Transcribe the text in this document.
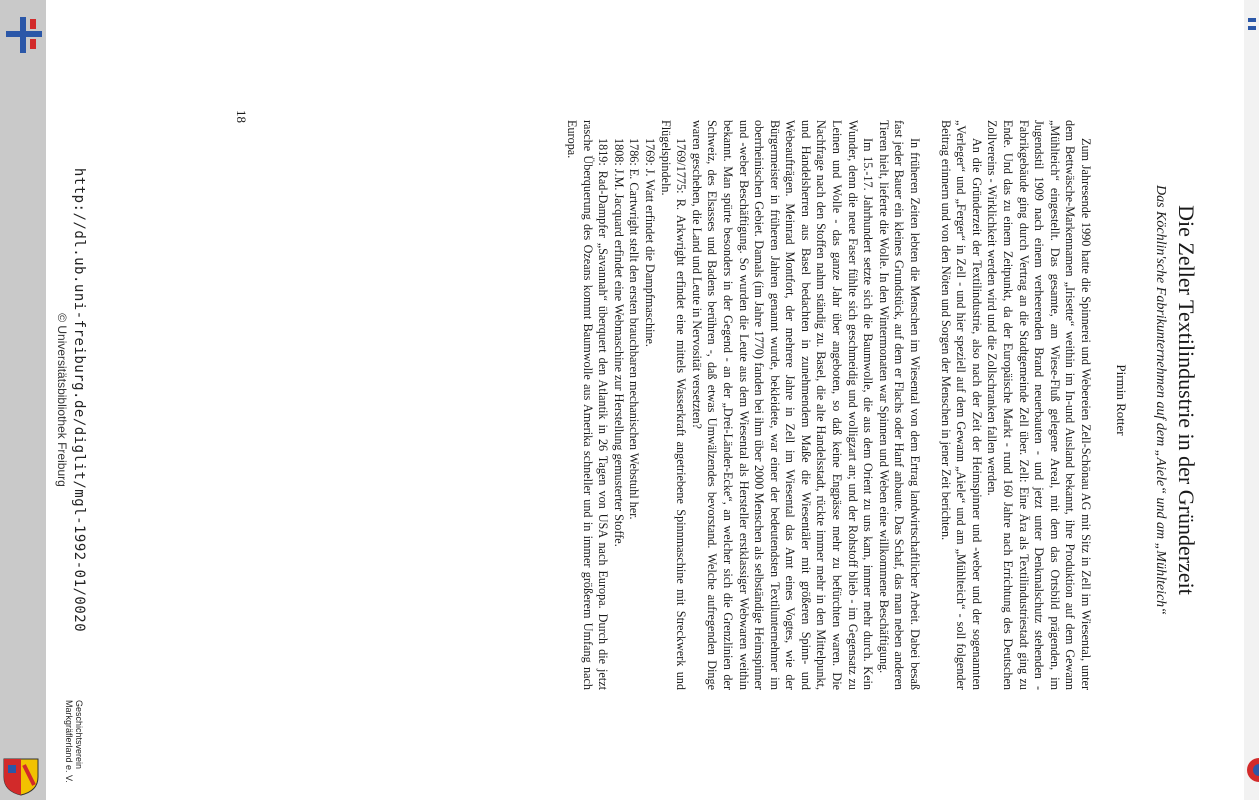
Die Zeller Textilindustrie in der Gründerzeit
Das Köchlin'sche Fabrikunternehmen auf dem „Aiele“ und am „Mühlteich“
Pirmin Rotter

Zum Jahresende 1990 hatte die Spinnerei und Webereien Zell-Schönau AG mit Sitz in Zell im Wiesental, unter dem Bettwäsche-Markennamen „Irisette“ weithin im In-und Ausland bekannt, ihre Produktion auf dem Gewann „Mühlteich“ eingestellt. Das gesamte, am Wiese-Fluß gelegene Areal, mit dem das Ortsbild prägenden, im Jugendstil 1909 nach einem verheerenden Brand neuerbauten - und jetzt unter Denkmalschutz stehenden - Fabrikgebäude ging durch Vertrag an die Stadtgemeinde Zell über. Zell: Eine Ära als Textilindustriestadt ging zu Ende. Und das zu einem Zeitpunkt, da der Europäische Markt - rund 160 Jahre nach Errichtung des Deutschen Zollvereins - Wirklichkeit werden wird und die Zollschranken fallen werden.

An die Gründerzeit der Textilindustrie, also nach der Zeit der Heimspinner und -weber und der sogenannten „Verleger“ und „Ferger“ in Zell - und hier speziell auf dem Gewann „Aiele“ und am „Mühlteich“ - soll folgender Beitrag erinnern und von den Nöten und Sorgen der Menschen in jener Zeit berichten.

In früheren Zeiten lebten die Menschen im Wiesental von dem Ertrag landwirtschaftlicher Arbeit. Dabei besaß fast jeder Bauer ein kleines Grundstück, auf dem er Flachs oder Hanf anbaute. Das Schaf, das man neben anderen Tieren hielt, lieferte die Wolle. In den Wintermonaten war Spinnen und Weben eine willkommene Beschäftigung.

Im 15.-17. Jahrhundert setzte sich die Baumwolle, die aus dem Orient zu uns kam, immer mehr durch. Kein Wunder, denn die neue Faser fühlte sich geschmeidig und wolligzart an; und der Rohstoff blieb - im Gegensatz zu Leinen und Wolle - das ganze Jahr über angeboten, so daß keine Engpässe mehr zu befürchten waren. Die Nachfrage nach den Stoffen nahm ständig zu. Basel, die alte Handelsstadt, rückte immer mehr in den Mittelpunkt, und Handelsherren aus Basel bedachten in zunehmendem Maße die Wiesentäler mit größeren Spinn- und Webeaufträgen. Meinrad Montfort, der mehrere Jahre in Zell im Wiesental das Amt eines Vogtes, wie der Bürgermeister in früheren Jahren genannt wurde, bekleidete, war einer der bedeutendsten Textilunternehmer im oberrheinischen Gebiet. Damals (im Jahre 1770) fanden bei ihm über 2000 Menschen als selbständige Heimspinner und -weber Beschäftigung. So wurden die Leute aus dem Wiesental als Hersteller erstklassiger Webwaren weithin bekannt. Man spürte besonders in der Gegend - an der „Drei-Länder-Ecke“, an welcher sich die Grenzlinien der Schweiz, des Elsasses und Badens berühren -, daß etwas Umwälzendes bevorstand. Welche aufregenden Dinge waren geschehen, die Land und Leute in Nervosität versetzten?

1769/1775: R. Arkwright erfindet eine mittels Wasserkraft angetriebene Spinnmaschine mit Streckwerk und Flügelspindeln.

1769: J. Watt erfindet die Dampfmaschine.

1786: E. Cartwright stellt den ersten brauchbaren mechanischen Webstuhl her.

1808: J.M. Jacquard erfindet eine Webmaschine zur Herstellung gemusterter Stoffe.

1819: Rad-Dampfer „Savannah“ überquert den Atlantik in 26 Tagen von USA nach Europa. Durch die jetzt rasche Überquerung des Ozeans kommt Baumwolle aus Amerika schneller und in immer größerem Umfang nach Europa.

18
http://dl.ub.uni-freiburg.de/diglit/mgl-1992-01/0020
© Universitätsbibliothek Freiburg
Geschichtsverein
Markgräflerland e. V.
